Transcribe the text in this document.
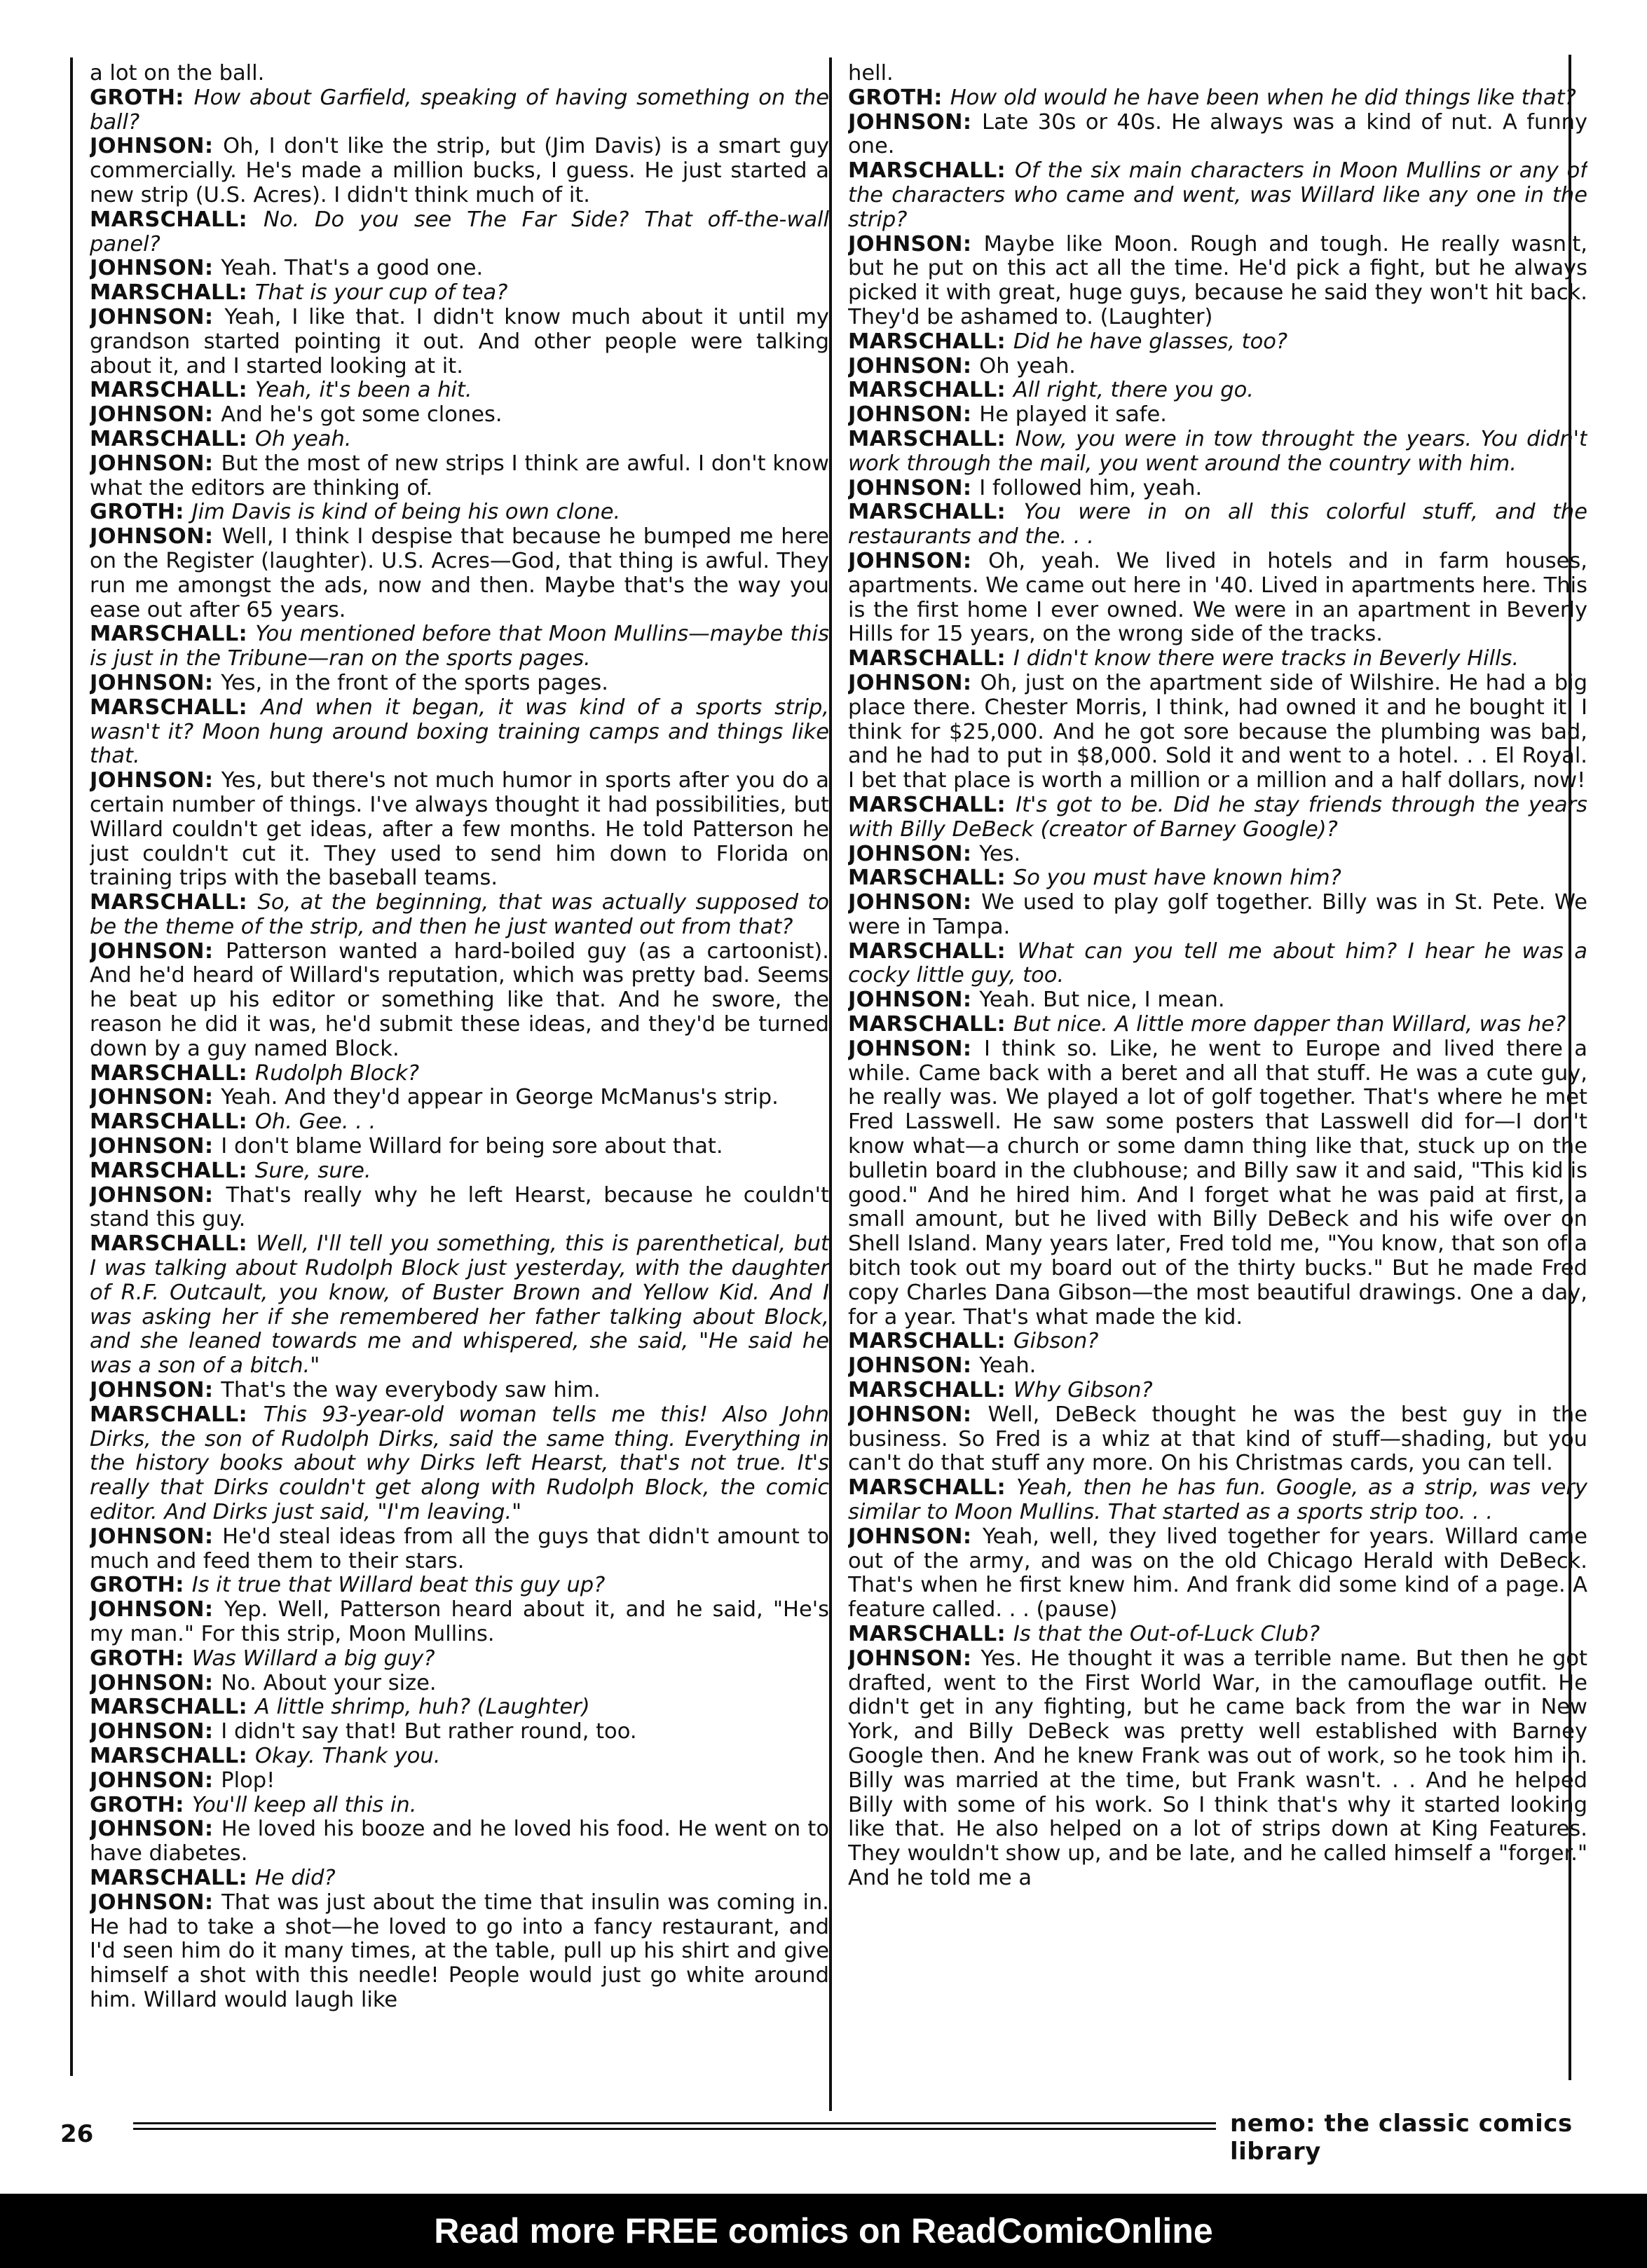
a lot on the ball.

GROTH : How about Garfield, speaking of having something on the ball?

JOHNSON : Oh, I don't like the strip, but (Jim Davis) is a smart guy commercially. He's made a million bucks, I guess. He just started a new strip (U.S. Acres). I didn't think much of it.

MARSCHALL : No. Do you see The Far Side? That off-the-wall panel?

JOHNSON : Yeah. That's a good one.

MARSCHALL : That is your cup of tea?

JOHNSON : Yeah, I like that. I didn't know much about it until my grandson started pointing it out. And other people were talking about it, and I started looking at it.

MARSCHALL : Yeah, it's been a hit.

JOHNSON : And he's got some clones.

MARSCHALL : Oh yeah.

JOHNSON : But the most of new strips I think are awful. I don't know what the editors are thinking of.

GROTH : Jim Davis is kind of being his own clone.

JOHNSON : Well, I think I despise that because he bumped me here on the Register (laughter). U.S. Acres—God, that thing is awful. They run me amongst the ads, now and then. Maybe that's the way you ease out after 65 years.

MARSCHALL : You mentioned before that Moon Mullins—maybe this is just in the Tribune—ran on the sports pages.

JOHNSON : Yes, in the front of the sports pages.

MARSCHALL : And when it began, it was kind of a sports strip, wasn't it? Moon hung around boxing training camps and things like that.

JOHNSON : Yes, but there's not much humor in sports after you do a certain number of things. I've always thought it had possibilities, but Willard couldn't get ideas, after a few months. He told Patterson he just couldn't cut it. They used to send him down to Florida on training trips with the baseball teams.

MARSCHALL : So, at the beginning, that was actually supposed to be the theme of the strip, and then he just wanted out from that?

JOHNSON : Patterson wanted a hard-boiled guy (as a cartoonist). And he'd heard of Willard's reputation, which was pretty bad. Seems he beat up his editor or something like that. And he swore, the reason he did it was, he'd submit these ideas, and they'd be turned down by a guy named Block.

MARSCHALL : Rudolph Block?

JOHNSON : Yeah. And they'd appear in George McManus's strip.

MARSCHALL : Oh. Gee. . .

JOHNSON : I don't blame Willard for being sore about that.

MARSCHALL : Sure, sure.

JOHNSON : That's really why he left Hearst, because he couldn't stand this guy.

MARSCHALL : Well, I'll tell you something, this is parenthetical, but I was talking about Rudolph Block just yesterday, with the daughter of R.F. Outcault, you know, of Buster Brown and Yellow Kid. And I was asking her if she remembered her father talking about Block, and she leaned towards me and whispered, she said, "He said he was a son of a bitch."

JOHNSON : That's the way everybody saw him.

MARSCHALL : This 93-year-old woman tells me this! Also John Dirks, the son of Rudolph Dirks, said the same thing. Everything in the history books about why Dirks left Hearst, that's not true. It's really that Dirks couldn't get along with Rudolph Block, the comic editor. And Dirks just said, "I'm leaving."

JOHNSON : He'd steal ideas from all the guys that didn't amount to much and feed them to their stars.

GROTH : Is it true that Willard beat this guy up?

JOHNSON : Yep. Well, Patterson heard about it, and he said, "He's my man." For this strip, Moon Mullins.

GROTH : Was Willard a big guy?

JOHNSON : No. About your size.

MARSCHALL : A little shrimp, huh? (Laughter)

JOHNSON : I didn't say that! But rather round, too.

MARSCHALL : Okay. Thank you.

JOHNSON : Plop!

GROTH : You'll keep all this in.

JOHNSON : He loved his booze and he loved his food. He went on to have diabetes.

MARSCHALL : He did?

JOHNSON : That was just about the time that insulin was coming in. He had to take a shot—he loved to go into a fancy restaurant, and I'd seen him do it many times, at the table, pull up his shirt and give himself a shot with this needle! People would just go white around him. Willard would laugh like

hell.

GROTH : How old would he have been when he did things like that?

JOHNSON : Late 30s or 40s. He always was a kind of nut. A funny one.

MARSCHALL : Of the six main characters in Moon Mullins or any of the characters who came and went, was Willard like any one in the strip?

JOHNSON : Maybe like Moon. Rough and tough. He really wasn't, but he put on this act all the time. He'd pick a fight, but he always picked it with great, huge guys, because he said they won't hit back. They'd be ashamed to. (Laughter)

MARSCHALL : Did he have glasses, too?

JOHNSON : Oh yeah.

MARSCHALL : All right, there you go.

JOHNSON : He played it safe.

MARSCHALL : Now, you were in tow throught the years. You didn't work through the mail, you went around the country with him.

JOHNSON : I followed him, yeah.

MARSCHALL : You were in on all this colorful stuff, and the restaurants and the. . .

JOHNSON : Oh, yeah. We lived in hotels and in farm houses, apartments. We came out here in '40. Lived in apartments here. This is the first home I ever owned. We were in an apartment in Beverly Hills for 15 years, on the wrong side of the tracks.

MARSCHALL : I didn't know there were tracks in Beverly Hills.

JOHNSON : Oh, just on the apartment side of Wilshire. He had a big place there. Chester Morris, I think, had owned it and he bought it. I think for $25,000. And he got sore because the plumbing was bad, and he had to put in $8,000. Sold it and went to a hotel. . . El Royal. I bet that place is worth a million or a million and a half dollars, now!

MARSCHALL : It's got to be. Did he stay friends through the years with Billy DeBeck (creator of Barney Google)?

JOHNSON : Yes.

MARSCHALL : So you must have known him?

JOHNSON : We used to play golf together. Billy was in St. Pete. We were in Tampa.

MARSCHALL : What can you tell me about him? I hear he was a cocky little guy, too.

JOHNSON : Yeah. But nice, I mean.

MARSCHALL : But nice. A little more dapper than Willard, was he?

JOHNSON : I think so. Like, he went to Europe and lived there a while. Came back with a beret and all that stuff. He was a cute guy, he really was. We played a lot of golf together. That's where he met Fred Lasswell. He saw some posters that Lasswell did for—I don't know what—a church or some damn thing like that, stuck up on the bulletin board in the clubhouse; and Billy saw it and said, "This kid is good." And he hired him. And I forget what he was paid at first, a small amount, but he lived with Billy DeBeck and his wife over on Shell Island. Many years later, Fred told me, "You know, that son of a bitch took out my board out of the thirty bucks." But he made Fred copy Charles Dana Gibson—the most beautiful drawings. One a day, for a year. That's what made the kid.

MARSCHALL : Gibson?

JOHNSON : Yeah.

MARSCHALL : Why Gibson?

JOHNSON : Well, DeBeck thought he was the best guy in the business. So Fred is a whiz at that kind of stuff—shading, but you can't do that stuff any more. On his Christmas cards, you can tell.

MARSCHALL : Yeah, then he has fun. Google, as a strip, was very similar to Moon Mullins. That started as a sports strip too. . .

JOHNSON : Yeah, well, they lived together for years. Willard came out of the army, and was on the old Chicago Herald with DeBeck. That's when he first knew him. And frank did some kind of a page. A feature called. . . (pause)

MARSCHALL : Is that the Out-of-Luck Club?

JOHNSON : Yes. He thought it was a terrible name. But then he got drafted, went to the First World War, in the camouflage outfit. He didn't get in any fighting, but he came back from the war in New York, and Billy DeBeck was pretty well established with Barney Google then. And he knew Frank was out of work, so he took him in. Billy was married at the time, but Frank wasn't. . . And he helped Billy with some of his work. So I think that's why it started looking like that. He also helped on a lot of strips down at King Features. They wouldn't show up, and be late, and he called himself a "forger." And he told me a

26	nemo: the classic comics library
Read more FREE comics on ReadComicOnline
